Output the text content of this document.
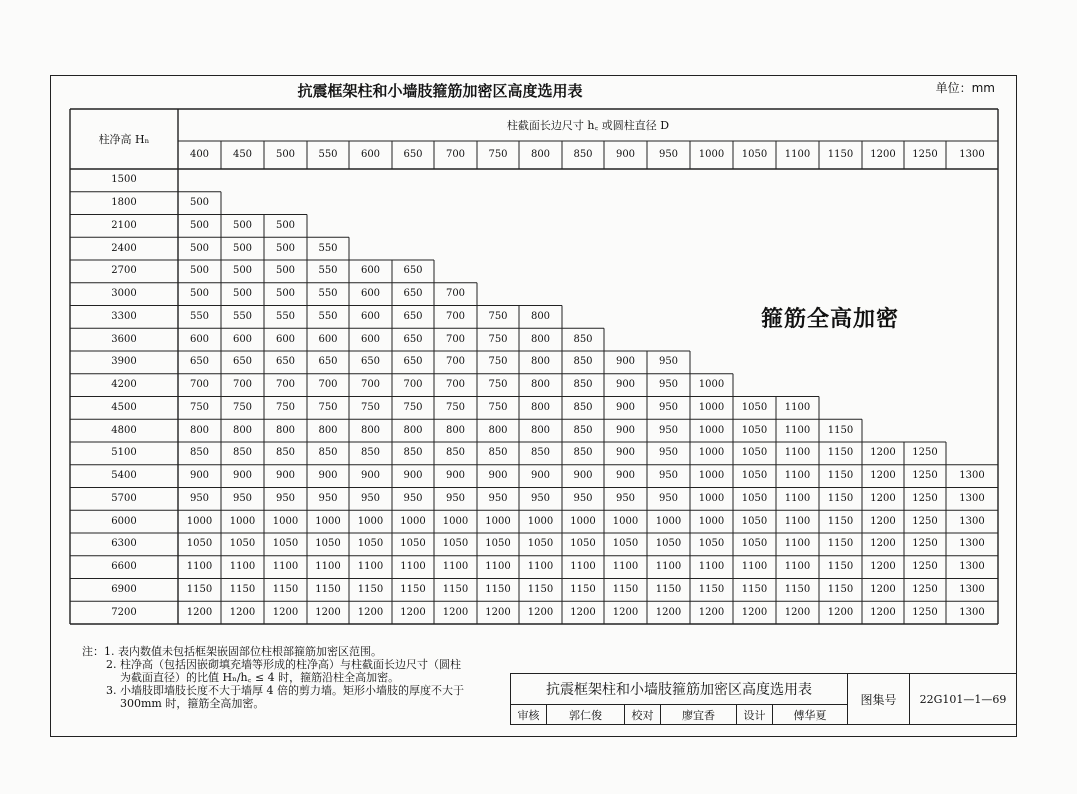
抗震框架柱和小墙肢箍筋加密区高度选用表	单位：mm
柱净高 Hₙ
柱截面长边尺寸 h꜀ 或圆柱直径 D
400	450	500	550	600	650	700	750	800	850	900	950	1000	1050	1100	1150	1200	1250	1300
1500
1800	500
2100	500	500	500
2400	500	500	500	550
2700	500	500	500	550	600	650
3000	500	500	500	550	600	650	700
3300	550	550	550	550	600	650	700	750	800
3600	600	600	600	600	600	650	700	750	800	850
3900	650	650	650	650	650	650	700	750	800	850	900	950
4200	700	700	700	700	700	700	700	750	800	850	900	950	1000
4500	750	750	750	750	750	750	750	750	800	850	900	950	1000	1050	1100
4800	800	800	800	800	800	800	800	800	800	850	900	950	1000	1050	1100	1150
5100	850	850	850	850	850	850	850	850	850	850	900	950	1000	1050	1100	1150	1200	1250
5400	900	900	900	900	900	900	900	900	900	900	900	950	1000	1050	1100	1150	1200	1250	1300
5700	950	950	950	950	950	950	950	950	950	950	950	950	1000	1050	1100	1150	1200	1250	1300
6000	1000	1000	1000	1000	1000	1000	1000	1000	1000	1000	1000	1000	1000	1050	1100	1150	1200	1250	1300
6300	1050	1050	1050	1050	1050	1050	1050	1050	1050	1050	1050	1050	1050	1050	1100	1150	1200	1250	1300
6600	1100	1100	1100	1100	1100	1100	1100	1100	1100	1100	1100	1100	1100	1100	1100	1150	1200	1250	1300
6900	1150	1150	1150	1150	1150	1150	1150	1150	1150	1150	1150	1150	1150	1150	1150	1150	1200	1250	1300
7200	1200	1200	1200	1200	1200	1200	1200	1200	1200	1200	1200	1200	1200	1200	1200	1200	1200	1250	1300
箍筋全高加密
注：1. 表内数值未包括框架嵌固部位柱根部箍筋加密区范围。
2. 柱净高（包括因嵌砌填充墙等形成的柱净高）与柱截面长边尺寸（圆柱
为截面直径）的比值 Hₙ/h꜀ ≤ 4 时，箍筋沿柱全高加密。
3. 小墙肢即墙肢长度不大于墙厚 4 倍的剪力墙。矩形小墙肢的厚度不大于
300mm 时，箍筋全高加密。
抗震框架柱和小墙肢箍筋加密区高度选用表
图集号	22G101—1—69
审核	郭仁俊	校对	廖宜香	设计	傅华夏
